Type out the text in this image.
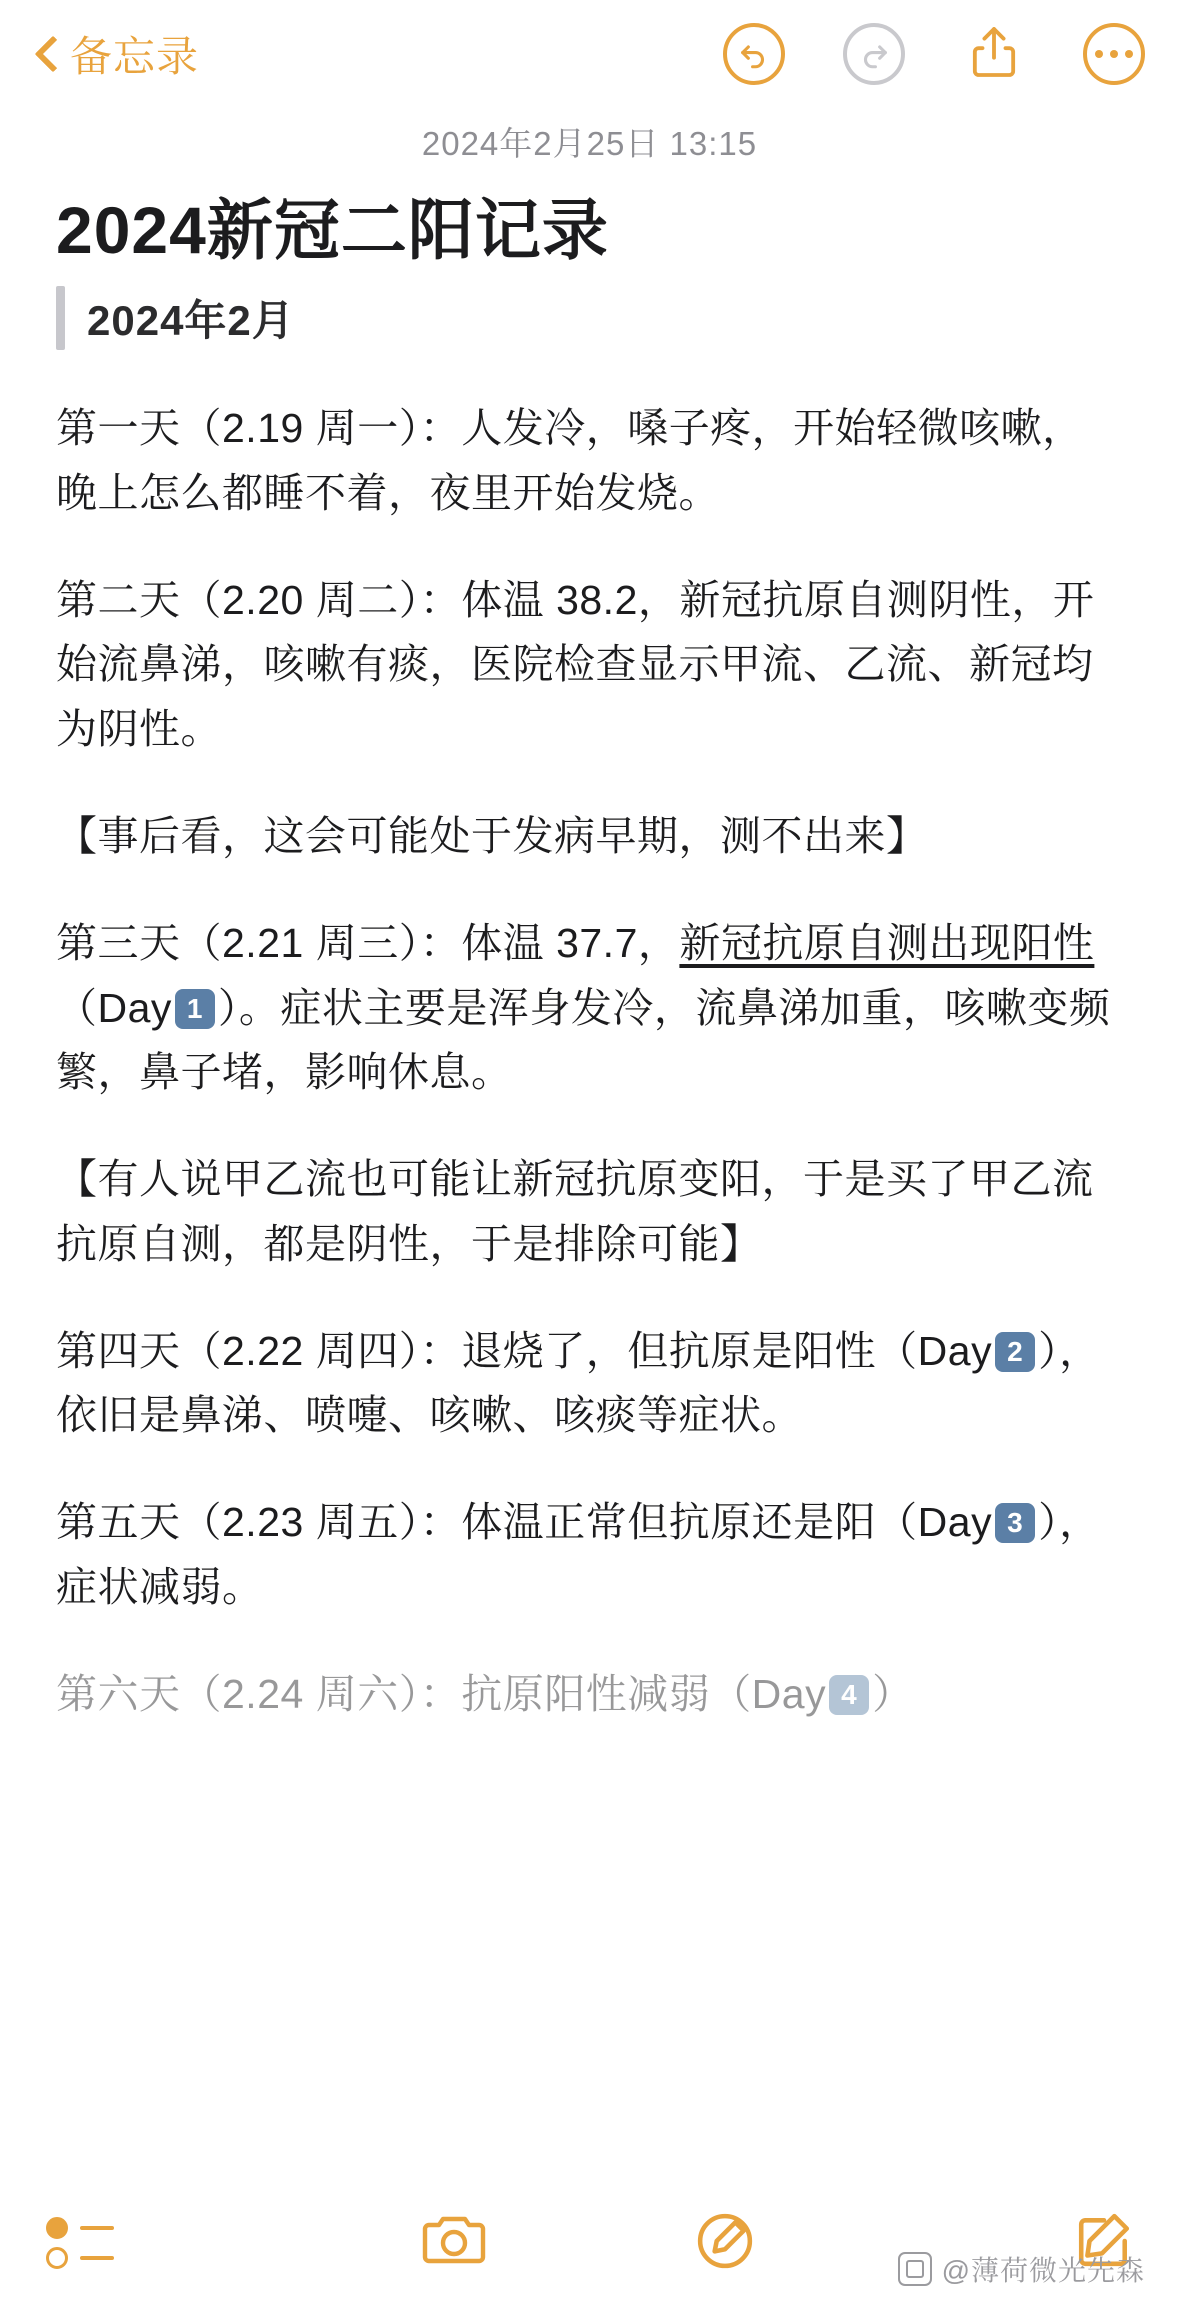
备忘录
2024年2月25日 13:15
2024新冠二阳记录
2024年2月
第一天（2.19 周一）：人发冷，嗓子疼，开始轻微咳嗽，晚上怎么都睡不着，夜里开始发烧。
第二天（2.20 周二）：体温 38.2，新冠抗原自测阴性，开始流鼻涕，咳嗽有痰，医院检查显示甲流、乙流、新冠均为阴性。
【事后看，这会可能处于发病早期，测不出来】
第三天（2.21 周三）：体温 37.7，新冠抗原自测出现阳性（Day 1 ）。症状主要是浑身发冷，流鼻涕加重，咳嗽变频繁，鼻子堵，影响休息。
【有人说甲乙流也可能让新冠抗原变阳，于是买了甲乙流抗原自测，都是阴性，于是排除可能】
第四天（2.22 周四）：退烧了，但抗原是阳性（Day 2 ），依旧是鼻涕、喷嚏、咳嗽、咳痰等症状。
第五天（2.23 周五）：体温正常但抗原还是阳（Day 3 ），症状减弱。
第六天（2.24 周六）：抗原阳性减弱（Day 4 ）
@薄荷微光先森
